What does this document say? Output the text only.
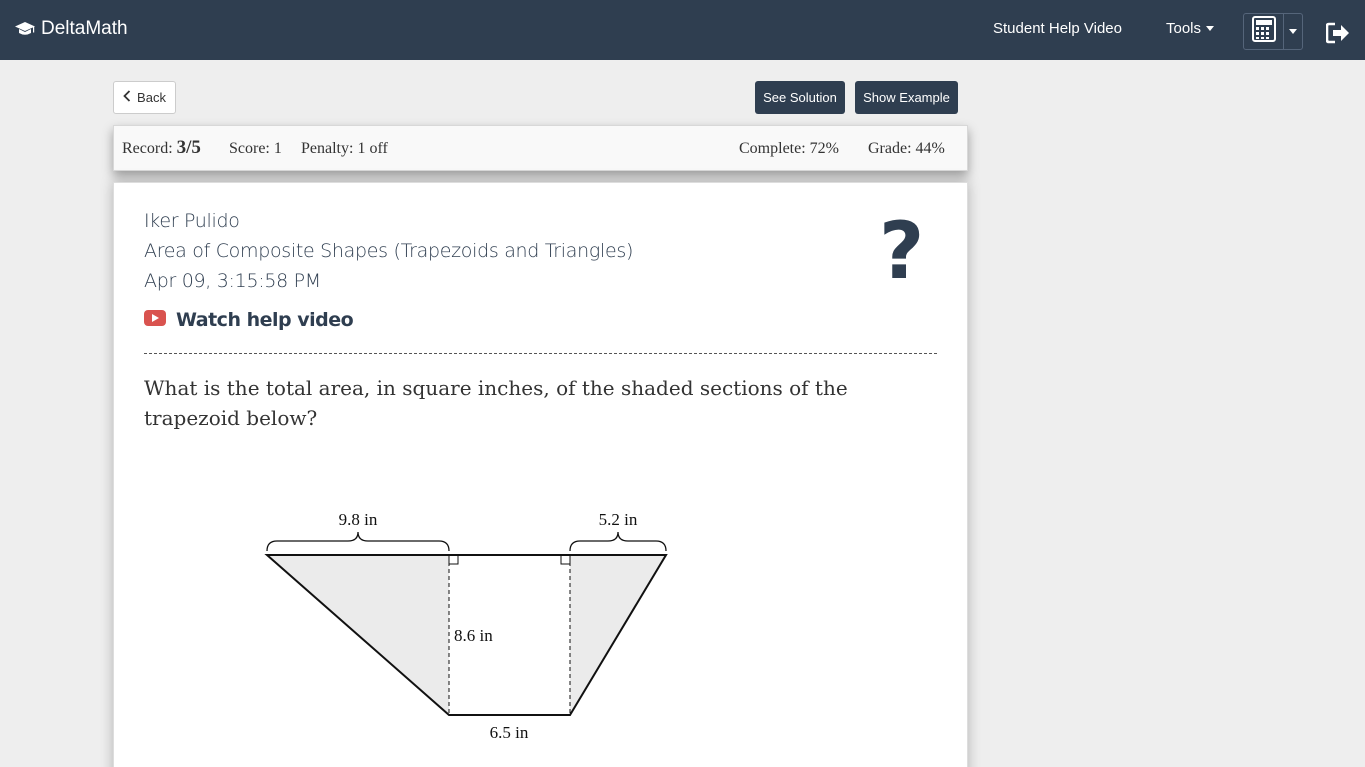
DeltaMath	Student Help Video	Tools
Back	See Solution	Show Example
Record: 3/5 Score: 1 Penalty: 1 off	Complete: 72% Grade: 44%
Iker Pulido
Area of Composite Shapes (Trapezoids and Triangles)
Apr 09, 3:15:58 PM	?
Watch help video
What is the total area, in square inches, of the shaded sections of the trapezoid below?
9.8 in	5.2 in
8.6 in
6.5 in
